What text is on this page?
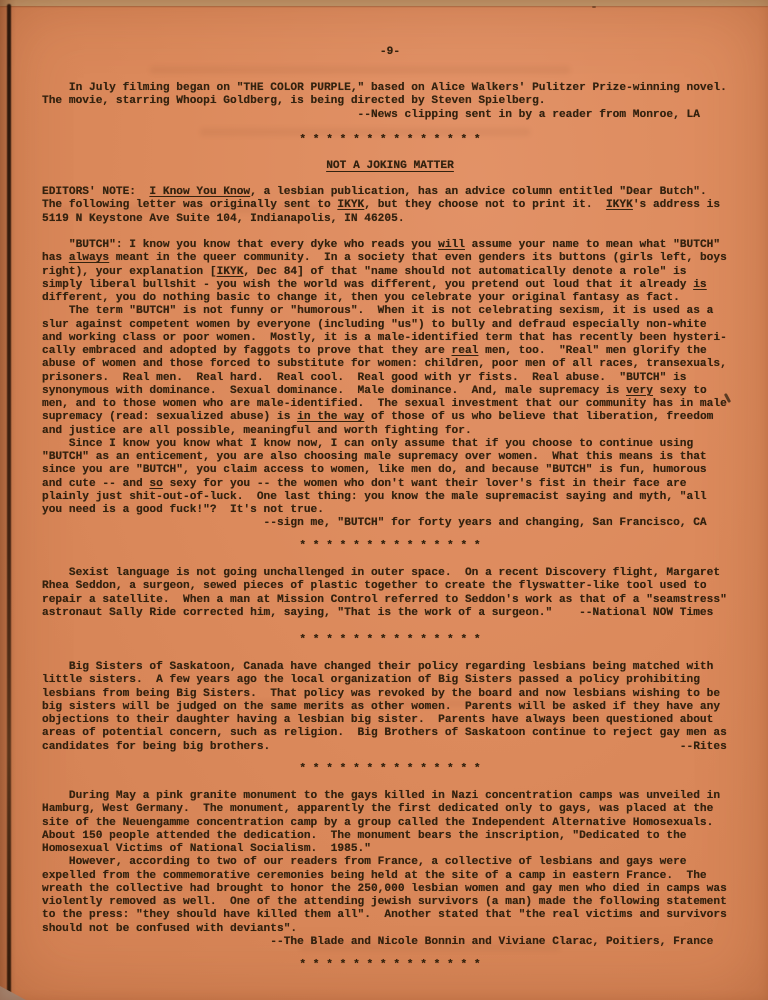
-9-
In July filming began on "THE COLOR PURPLE," based on Alice Walkers' Pulitzer Prize-winning novel.
The movie, starring Whoopi Goldberg, is being directed by Steven Spielberg.
--News clipping sent in by a reader from Monroe, LA
* * * * * * * * * * * * * *
NOT A JOKING MATTER
EDITORS' NOTE:  I Know You Know, a lesbian publication, has an advice column entitled "Dear Butch".
The following letter was originally sent to IKYK, but they choose not to print it.  IKYK's address is
5119 N Keystone Ave Suite 104, Indianapolis, IN 46205.
"BUTCH": I know you know that every dyke who reads you will assume your name to mean what "BUTCH"
has always meant in the queer community.  In a society that even genders its buttons (girls left, boys
right), your explanation [IKYK, Dec 84] of that "name should not automatically denote a role" is
simply liberal bullshit - you wish the world was different, you pretend out loud that it already is
different, you do nothing basic to change it, then you celebrate your original fantasy as fact.
The term "BUTCH" is not funny or "humorous".  When it is not celebrating sexism, it is used as a
slur against competent women by everyone (including "us") to bully and defraud especially non-white
and working class or poor women.  Mostly, it is a male-identified term that has recently been hysteri-
cally embraced and adopted by faggots to prove that they are real men, too.  "Real" men glorify the
abuse of women and those forced to substitute for women: children, poor men of all races, transexuals,
prisoners.  Real men.  Real hard.  Real cool.  Real good with yr fists.  Real abuse.  "BUTCH" is
synonymous with dominance.  Sexual dominance.  Male dominance.  And, male supremacy is very sexy to
men, and to those women who are male-identified.  The sexual investment that our community has in male
supremacy (read: sexualized abuse) is in the way of those of us who believe that liberation, freedom
and justice are all possible, meaningful and worth fighting for.
Since I know you know what I know now, I can only assume that if you choose to continue using
"BUTCH" as an enticement, you are also choosing male supremacy over women.  What this means is that
since you are "BUTCH", you claim access to women, like men do, and because "BUTCH" is fun, humorous
and cute -- and so sexy for you -- the women who don't want their lover's fist in their face are
plainly just shit-out-of-luck.  One last thing: you know the male supremacist saying and myth, "all
you need is a good fuck!"?  It's not true.
--sign me, "BUTCH" for forty years and changing, San Francisco, CA
* * * * * * * * * * * * * *
Sexist language is not going unchallenged in outer space.  On a recent Discovery flight, Margaret
Rhea Seddon, a surgeon, sewed pieces of plastic together to create the flyswatter-like tool used to
repair a satellite.  When a man at Mission Control referred to Seddon's work as that of a "seamstress"
astronaut Sally Ride corrected him, saying, "That is the work of a surgeon."    --National NOW Times
* * * * * * * * * * * * * *
Big Sisters of Saskatoon, Canada have changed their policy regarding lesbians being matched with
little sisters.  A few years ago the local organization of Big Sisters passed a policy prohibiting
lesbians from being Big Sisters.  That policy was revoked by the board and now lesbians wishing to be
big sisters will be judged on the same merits as other women.  Parents will be asked if they have any
objections to their daughter having a lesbian big sister.  Parents have always been questioned about
areas of potential concern, such as religion.  Big Brothers of Saskatoon continue to reject gay men as
candidates for being big brothers.                                                             --Rites
* * * * * * * * * * * * * *
During May a pink granite monument to the gays killed in Nazi concentration camps was unveiled in
Hamburg, West Germany.  The monument, apparently the first dedicated only to gays, was placed at the
site of the Neuengamme concentration camp by a group called the Independent Alternative Homosexuals.
About 150 people attended the dedication.  The monument bears the inscription, "Dedicated to the
Homosexual Victims of National Socialism.  1985."
However, according to two of our readers from France, a collective of lesbians and gays were
expelled from the commemorative ceremonies being held at the site of a camp in eastern France.  The
wreath the collective had brought to honor the 250,000 lesbian women and gay men who died in camps was
violently removed as well.  One of the attending jewish survivors (a man) made the following statement
to the press: "they should have killed them all".  Another stated that "the real victims and survivors
should not be confused with deviants".
--The Blade and Nicole Bonnin and Viviane Clarac, Poitiers, France
* * * * * * * * * * * * * *
